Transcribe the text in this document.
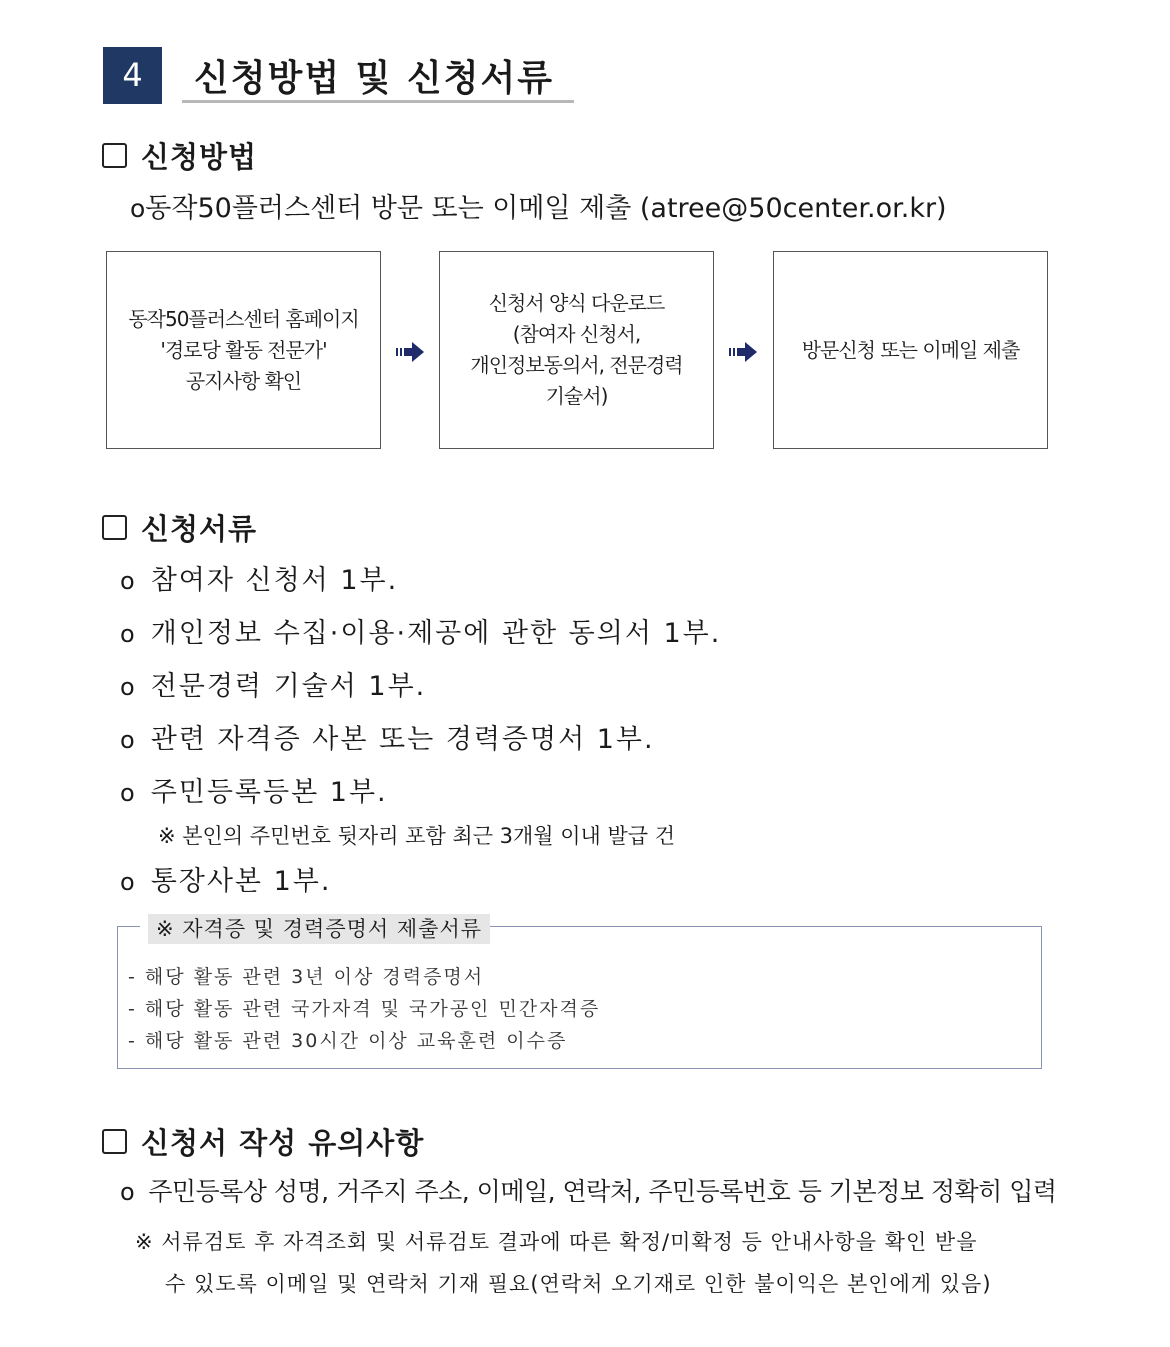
4	신청방법 및 신청서류
신청방법
o동작50플러스센터 방문 또는 이메일 제출 (atree@50center.or.kr)
동작50플러스센터 홈페이지
'경로당 활동 전문가'
공지사항 확인
신청서 양식 다운로드
(참여자 신청서,
개인정보동의서, 전문경력
기술서)
방문신청 또는 이메일 제출
신청서류
o 참여자 신청서 1부.
o 개인정보 수집·이용·제공에 관한 동의서 1부.
o 전문경력 기술서 1부.
o 관련 자격증 사본 또는 경력증명서 1부.
o 주민등록등본 1부.
※ 본인의 주민번호 뒷자리 포함 최근 3개월 이내 발급 건
o 통장사본 1부.
※ 자격증 및 경력증명서 제출서류
- 해당 활동 관련 3년 이상 경력증명서
- 해당 활동 관련 국가자격 및 국가공인 민간자격증
- 해당 활동 관련 30시간 이상 교육훈련 이수증
신청서 작성 유의사항
o 주민등록상 성명, 거주지 주소, 이메일, 연락처, 주민등록번호 등 기본정보 정확히 입력
※ 서류검토 후 자격조회 및 서류검토 결과에 따른 확정/미확정 등 안내사항을 확인 받을
수 있도록 이메일 및 연락처 기재 필요(연락처 오기재로 인한 불이익은 본인에게 있음)
